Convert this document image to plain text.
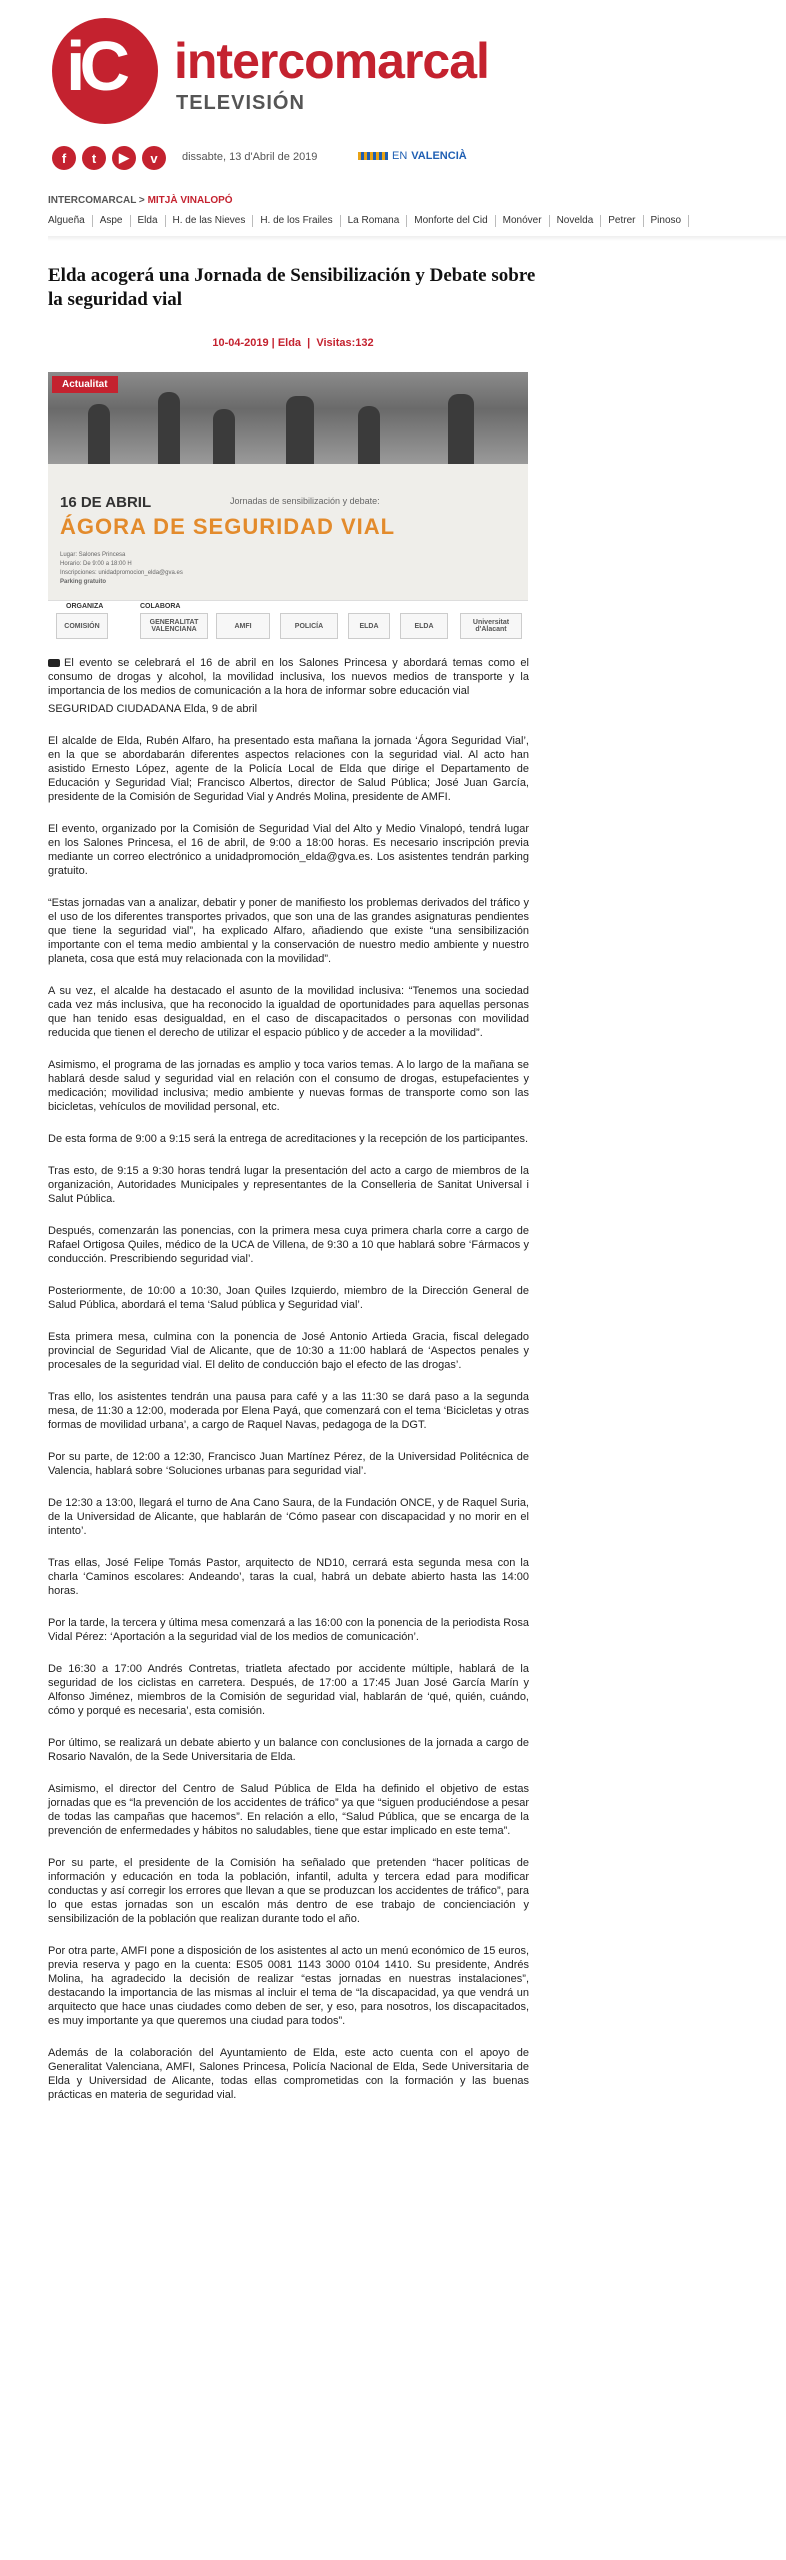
iC intercomarcal
TELEVISIÓN
f	t	▶	v	dissabte, 13 d'Abril de 2019	EN VALENCIÀ
INTERCOMARCAL > MITJÀ VINALOPÓ
Algueña	Aspe	Elda	H. de las Nieves	H. de los Frailes	La Romana	Monforte del Cid	Monóver	Novelda	Petrer	Pinoso
Elda acogerá una Jornada de Sensibilización y Debate sobre la seguridad vial
10-04-2019 | Elda  |  Visitas:132
Actualitat
16 DE ABRIL	Jornadas de sensibilización y debate:
ÁGORA DE SEGURIDAD VIAL
Lugar: Salones Princesa
Horario: De 9:00 a 18:00 H
Inscripciones: unidadpromocion_elda@gva.es
Parking gratuito
ORGANIZA	COLABORA
COMISIÓN	GENERALITAT VALENCIANA	AMFI	POLICÍA	ELDA	ELDA	Universitat d'Alacant

El evento se celebrará el 16 de abril en los Salones Princesa y abordará temas como el consumo de drogas y alcohol, la movilidad inclusiva, los nuevos medios de transporte y la importancia de los medios de comunicación a la hora de informar sobre educación vial

SEGURIDAD CIUDADANA Elda, 9 de abril

El alcalde de Elda, Rubén Alfaro, ha presentado esta mañana la jornada ‘Ágora Seguridad Vial’, en la que se abordabarán diferentes aspectos relaciones con la seguridad vial. Al acto han asistido Ernesto López, agente de la Policía Local de Elda que dirige el Departamento de Educación y Seguridad Vial; Francisco Albertos, director de Salud Pública; José Juan García, presidente de la Comisión de Seguridad Vial y Andrés Molina, presidente de AMFI.

El evento, organizado por la Comisión de Seguridad Vial del Alto y Medio Vinalopó, tendrá lugar en los Salones Princesa, el 16 de abril, de 9:00 a 18:00 horas. Es necesario inscripción previa mediante un correo electrónico a unidadpromoción_elda@gva.es. Los asistentes tendrán parking gratuito.

“Estas jornadas van a analizar, debatir y poner de manifiesto los problemas derivados del tráfico y el uso de los diferentes transportes privados, que son una de las grandes asignaturas pendientes que tiene la seguridad vial”, ha explicado Alfaro, añadiendo que existe “una sensibilización importante con el tema medio ambiental y la conservación de nuestro medio ambiente y nuestro planeta, cosa que está muy relacionada con la movilidad”.

A su vez, el alcalde ha destacado el asunto de la movilidad inclusiva: “Tenemos una sociedad cada vez más inclusiva, que ha reconocido la igualdad de oportunidades para aquellas personas que han tenido esas desigualdad, en el caso de discapacitados o personas con movilidad reducida que tienen el derecho de utilizar el espacio público y de acceder a la movilidad”.

Asimismo, el programa de las jornadas es amplio y toca varios temas. A lo largo de la mañana se hablará desde salud y seguridad vial en relación con el consumo de drogas, estupefacientes y medicación; movilidad inclusiva; medio ambiente y nuevas formas de transporte como son las bicicletas, vehículos de movilidad personal, etc.

De esta forma de 9:00 a 9:15 será la entrega de acreditaciones y la recepción de los participantes.

Tras esto, de 9:15 a 9:30 horas tendrá lugar la presentación del acto a cargo de miembros de la organización, Autoridades Municipales y representantes de la Conselleria de Sanitat Universal i Salut Pública.

Después, comenzarán las ponencias, con la primera mesa cuya primera charla corre a cargo de Rafael Ortigosa Quiles, médico de la UCA de Villena, de 9:30 a 10 que hablará sobre ‘Fármacos y conducción. Prescribiendo seguridad vial’.

Posteriormente, de 10:00 a 10:30, Joan Quiles Izquierdo, miembro de la Dirección General de Salud Pública, abordará el tema ‘Salud pública y Seguridad vial’.

Esta primera mesa, culmina con la ponencia de José Antonio Artieda Gracia, fiscal delegado provincial de Seguridad Vial de Alicante, que de 10:30 a 11:00 hablará de ‘Aspectos penales y procesales de la seguridad vial. El delito de conducción bajo el efecto de las drogas’.

Tras ello, los asistentes tendrán una pausa para café y a las 11:30 se dará paso a la segunda mesa, de 11:30 a 12:00, moderada por Elena Payá, que comenzará con el tema ‘Bicicletas y otras formas de movilidad urbana’, a cargo de Raquel Navas, pedagoga de la DGT.

Por su parte, de 12:00 a 12:30, Francisco Juan Martínez Pérez, de la Universidad Politécnica de Valencia, hablará sobre ‘Soluciones urbanas para seguridad vial’.

De 12:30 a 13:00, llegará el turno de Ana Cano Saura, de la Fundación ONCE, y de Raquel Suria, de la Universidad de Alicante, que hablarán de ‘Cómo pasear con discapacidad y no morir en el intento’.

Tras ellas, José Felipe Tomás Pastor, arquitecto de ND10, cerrará esta segunda mesa con la charla ‘Caminos escolares: Andeando’, taras la cual, habrá un debate abierto hasta las 14:00 horas.

Por la tarde, la tercera y última mesa comenzará a las 16:00 con la ponencia de la periodista Rosa Vidal Pérez: ‘Aportación a la seguridad vial de los medios de comunicación’.

De 16:30 a 17:00 Andrés Contretas, triatleta afectado por accidente múltiple, hablará de la seguridad de los ciclistas en carretera. Después, de 17:00 a 17:45 Juan José García Marín y Alfonso Jiménez, miembros de la Comisión de seguridad vial, hablarán de ‘qué, quién, cuándo, cómo y porqué es necesaria’, esta comisión.

Por último, se realizará un debate abierto y un balance con conclusiones de la jornada a cargo de Rosario Navalón, de la Sede Universitaria de Elda.

Asimismo, el director del Centro de Salud Pública de Elda ha definido el objetivo de estas jornadas que es “la prevención de los accidentes de tráfico” ya que “siguen produciéndose a pesar de todas las campañas que hacemos”. En relación a ello, “Salud Pública, que se encarga de la prevención de enfermedades y hábitos no saludables, tiene que estar implicado en este tema”.

Por su parte, el presidente de la Comisión ha señalado que pretenden “hacer políticas de información y educación en toda la población, infantil, adulta y tercera edad para modificar conductas y así corregir los errores que llevan a que se produzcan los accidentes de tráfico”, para lo que estas jornadas son un escalón más dentro de ese trabajo de concienciación y sensibilización de la población que realizan durante todo el año.

Por otra parte, AMFI pone a disposición de los asistentes al acto un menú económico de 15 euros, previa reserva y pago en la cuenta: ES05 0081 1143 3000 0104 1410. Su presidente, Andrés Molina, ha agradecido la decisión de realizar “estas jornadas en nuestras instalaciones”, destacando la importancia de las mismas al incluir el tema de “la discapacidad, ya que vendrá un arquitecto que hace unas ciudades como deben de ser, y eso, para nosotros, los discapacitados, es muy importante ya que queremos una ciudad para todos”.

Además de la colaboración del Ayuntamiento de Elda, este acto cuenta con el apoyo de Generalitat Valenciana, AMFI, Salones Princesa, Policía Nacional de Elda, Sede Universitaria de Elda y Universidad de Alicante, todas ellas comprometidas con la formación y las buenas prácticas en materia de seguridad vial.
